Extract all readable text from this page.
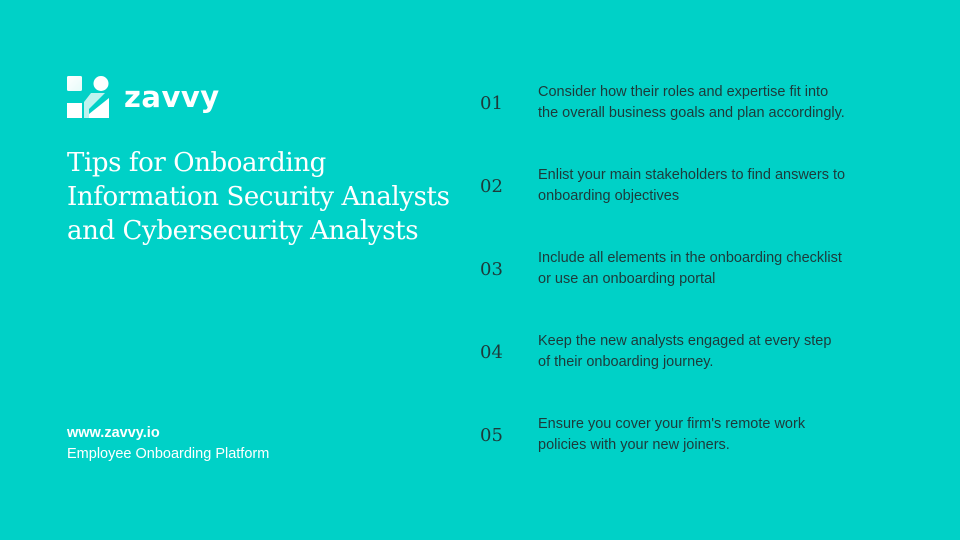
zavvy
Tips for Onboarding
Information Security Analysts
and Cybersecurity Analysts
www.zavvy.io
Employee Onboarding Platform
01
Consider how their roles and expertise fit into
the overall business goals and plan accordingly.
02
Enlist your main stakeholders to find answers to
onboarding objectives
03
Include all elements in the onboarding checklist
or use an onboarding portal
04
Keep the new analysts engaged at every step
of their onboarding journey.
05
Ensure you cover your firm's remote work
policies with your new joiners.
